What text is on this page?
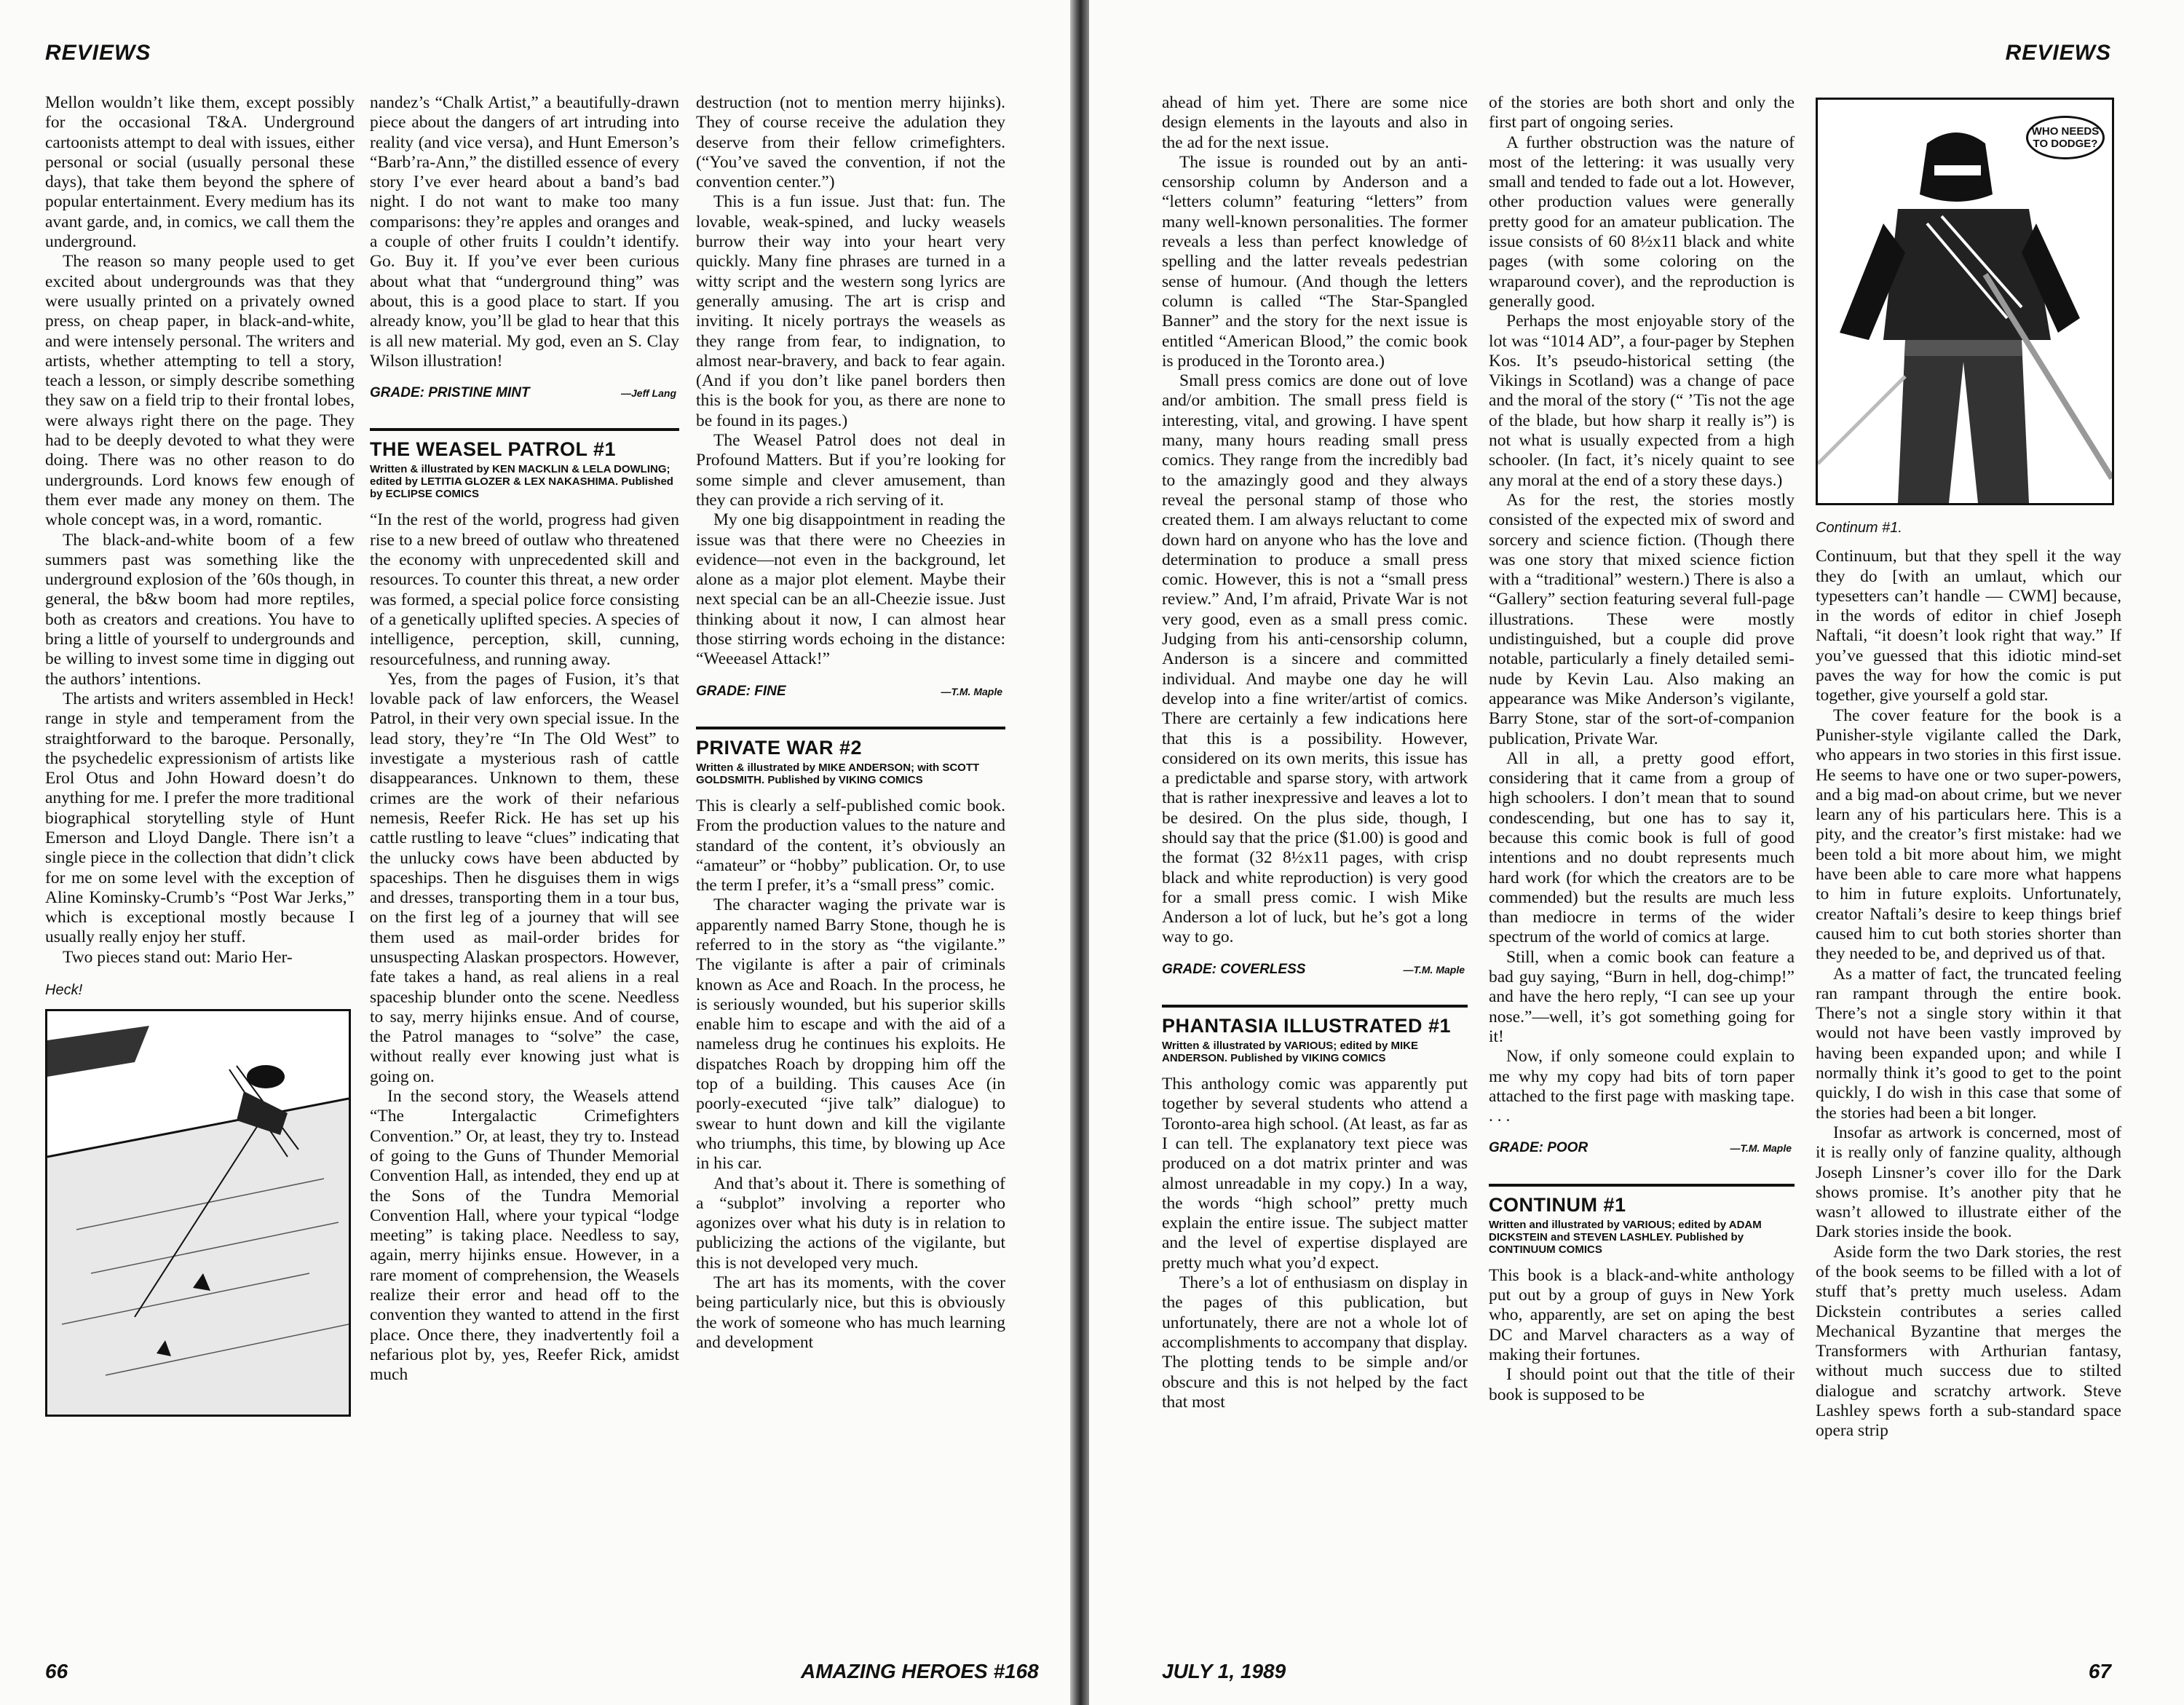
REVIEWS

Mellon wouldn’t like them, except possibly for the occasional T&A. Underground cartoonists attempt to deal with issues, either personal or social (usually personal these days), that take them beyond the sphere of popular entertainment. Every medium has its avant garde, and, in comics, we call them the underground.

The reason so many people used to get excited about undergrounds was that they were usually printed on a privately owned press, on cheap paper, in black-and-white, and were intensely personal. The writers and artists, whether attempting to tell a story, teach a lesson, or simply describe something they saw on a field trip to their frontal lobes, were always right there on the page. They had to be deeply devoted to what they were doing. There was no other reason to do undergrounds. Lord knows few enough of them ever made any money on them. The whole concept was, in a word, romantic.

The black-and-white boom of a few summers past was something like the underground explosion of the ’60s though, in general, the b&w boom had more reptiles, both as creators and creations. You have to bring a little of yourself to undergrounds and be willing to invest some time in digging out the authors’ intentions.

The artists and writers assembled in Heck! range in style and temperament from the straightforward to the baroque. Personally, the psychedelic expressionism of artists like Erol Otus and John Howard doesn’t do anything for me. I prefer the more traditional biographical storytelling style of Hunt Emerson and Lloyd Dangle. There isn’t a single piece in the collection that didn’t click for me on some level with the exception of Aline Kominsky-Crumb’s “Post War Jerks,” which is exceptional mostly because I usually really enjoy her stuff.

Two pieces stand out: Mario Her-

Heck!

nandez’s “Chalk Artist,” a beautifully-drawn piece about the dangers of art intruding into reality (and vice versa), and Hunt Emerson’s “Barb’ra-Ann,” the distilled essence of every story I’ve ever heard about a band’s bad night. I do not want to make too many comparisons: they’re apples and oranges and a couple of other fruits I couldn’t identify. Go. Buy it. If you’ve ever been curious about what that “underground thing” was about, this is a good place to start. If you already know, you’ll be glad to hear that this is all new material. My god, even an S. Clay Wilson illustration!

GRADE: PRISTINE MINT	—Jeff Lang
THE WEASEL PATROL #1
Written & illustrated by KEN MACKLIN & LELA DOWLING; edited by LETITIA GLOZER & LEX NAKASHIMA. Published by ECLIPSE COMICS

“In the rest of the world, progress had given rise to a new breed of outlaw who threatened the economy with unprecedented skill and resources. To counter this threat, a new order was formed, a special police force consisting of a genetically uplifted species. A species of intelligence, perception, skill, cunning, resourcefulness, and running away.

Yes, from the pages of Fusion, it’s that lovable pack of law enforcers, the Weasel Patrol, in their very own special issue. In the lead story, they’re “In The Old West” to investigate a mysterious rash of cattle disappearances. Unknown to them, these crimes are the work of their nefarious nemesis, Reefer Rick. He has set up his cattle rustling to leave “clues” indicating that the unlucky cows have been abducted by spaceships. Then he disguises them in wigs and dresses, transporting them in a tour bus, on the first leg of a journey that will see them used as mail-order brides for unsuspecting Alaskan prospectors. However, fate takes a hand, as real aliens in a real spaceship blunder onto the scene. Needless to say, merry hijinks ensue. And of course, the Patrol manages to “solve” the case, without really ever knowing just what is going on.

In the second story, the Weasels attend “The Intergalactic Crimefighters Convention.” Or, at least, they try to. Instead of going to the Guns of Thunder Memorial Convention Hall, as intended, they end up at the Sons of the Tundra Memorial Convention Hall, where your typical “lodge meeting” is taking place. Needless to say, again, merry hijinks ensue. However, in a rare moment of comprehension, the Weasels realize their error and head off to the convention they wanted to attend in the first place. Once there, they inadvertently foil a nefarious plot by, yes, Reefer Rick, amidst much

destruction (not to mention merry hijinks). They of course receive the adulation they deserve from their fellow crimefighters. (“You’ve saved the convention, if not the convention center.”)

This is a fun issue. Just that: fun. The lovable, weak-spined, and lucky weasels burrow their way into your heart very quickly. Many fine phrases are turned in a witty script and the western song lyrics are generally amusing. The art is crisp and inviting. It nicely portrays the weasels as they range from fear, to indignation, to almost near-bravery, and back to fear again. (And if you don’t like panel borders then this is the book for you, as there are none to be found in its pages.)

The Weasel Patrol does not deal in Profound Matters. But if you’re looking for some simple and clever amusement, than they can provide a rich serving of it.

My one big disappointment in reading the issue was that there were no Cheezies in evidence—not even in the background, let alone as a major plot element. Maybe their next special can be an all-Cheezie issue. Just thinking about it now, I can almost hear those stirring words echoing in the distance: “Weeeasel Attack!”

GRADE: FINE	—T.M. Maple
PRIVATE WAR #2
Written & illustrated by MIKE ANDERSON; with SCOTT GOLDSMITH. Published by VIKING COMICS

This is clearly a self-published comic book. From the production values to the nature and standard of the content, it’s obviously an “amateur” or “hobby” publication. Or, to use the term I prefer, it’s a “small press” comic.

The character waging the private war is apparently named Barry Stone, though he is referred to in the story as “the vigilante.” The vigilante is after a pair of criminals known as Ace and Roach. In the process, he is seriously wounded, but his superior skills enable him to escape and with the aid of a nameless drug he continues his exploits. He dispatches Roach by dropping him off the top of a building. This causes Ace (in poorly-executed “jive talk” dialogue) to swear to hunt down and kill the vigilante who triumphs, this time, by blowing up Ace in his car.

And that’s about it. There is something of a “subplot” involving a reporter who agonizes over what his duty is in relation to publicizing the actions of the vigilante, but this is not developed very much.

The art has its moments, with the cover being particularly nice, but this is obviously the work of someone who has much learning and development

66	AMAZING HEROES #168
REVIEWS

ahead of him yet. There are some nice design elements in the layouts and also in the ad for the next issue.

The issue is rounded out by an anti-censorship column by Anderson and a “letters column” featuring “letters” from many well-known personalities. The former reveals a less than perfect knowledge of spelling and the latter reveals pedestrian sense of humour. (And though the letters column is called “The Star-Spangled Banner” and the story for the next issue is entitled “American Blood,” the comic book is produced in the Toronto area.)

Small press comics are done out of love and/or ambition. The small press field is interesting, vital, and growing. I have spent many, many hours reading small press comics. They range from the incredibly bad to the amazingly good and they always reveal the personal stamp of those who created them. I am always reluctant to come down hard on anyone who has the love and determination to produce a small press comic. However, this is not a “small press review.” And, I’m afraid, Private War is not very good, even as a small press comic. Judging from his anti-censorship column, Anderson is a sincere and committed individual. And maybe one day he will develop into a fine writer/artist of comics. There are certainly a few indications here that this is a possibility. However, considered on its own merits, this issue has a predictable and sparse story, with artwork that is rather inexpressive and leaves a lot to be desired. On the plus side, though, I should say that the price ($1.00) is good and the format (32 8½x11 pages, with crisp black and white reproduction) is very good for a small press comic. I wish Mike Anderson a lot of luck, but he’s got a long way to go.

GRADE: COVERLESS	—T.M. Maple
PHANTASIA ILLUSTRATED #1
Written & illustrated by VARIOUS; edited by MIKE ANDERSON. Published by VIKING COMICS

This anthology comic was apparently put together by several students who attend a Toronto-area high school. (At least, as far as I can tell. The explanatory text piece was produced on a dot matrix printer and was almost unreadable in my copy.) In a way, the words “high school” pretty much explain the entire issue. The subject matter and the level of expertise displayed are pretty much what you’d expect.

There’s a lot of enthusiasm on display in the pages of this publication, but unfortunately, there are not a whole lot of accomplishments to accompany that display. The plotting tends to be simple and/or obscure and this is not helped by the fact that most

of the stories are both short and only the first part of ongoing series.

A further obstruction was the nature of most of the lettering: it was usually very small and tended to fade out a lot. However, other production values were generally pretty good for an amateur publication. The issue consists of 60 8½x11 black and white pages (with some coloring on the wraparound cover), and the reproduction is generally good.

Perhaps the most enjoyable story of the lot was “1014 AD”, a four-pager by Stephen Kos. It’s pseudo-historical setting (the Vikings in Scotland) was a change of pace and the moral of the story (“ ’Tis not the age of the blade, but how sharp it really is”) is not what is usually expected from a high schooler. (In fact, it’s nicely quaint to see any moral at the end of a story these days.)

As for the rest, the stories mostly consisted of the expected mix of sword and sorcery and science fiction. (Though there was one story that mixed science fiction with a “traditional” western.) There is also a “Gallery” section featuring several full-page illustrations. These were mostly undistinguished, but a couple did prove notable, particularly a finely detailed semi-nude by Kevin Lau. Also making an appearance was Mike Anderson’s vigilante, Barry Stone, star of the sort-of-companion publication, Private War.

All in all, a pretty good effort, considering that it came from a group of high schoolers. I don’t mean that to sound condescending, but one has to say it, because this comic book is full of good intentions and no doubt represents much hard work (for which the creators are to be commended) but the results are much less than mediocre in terms of the wider spectrum of the world of comics at large.

Still, when a comic book can feature a bad guy saying, “Burn in hell, dog-chimp!” and have the hero reply, “I can see up your nose.”—well, it’s got something going for it!

Now, if only someone could explain to me why my copy had bits of torn paper attached to the first page with masking tape. . . .

GRADE: POOR	—T.M. Maple
CONTINUM #1
Written and illustrated by VARIOUS; edited by ADAM DICKSTEIN and STEVEN LASHLEY. Published by CONTINUUM COMICS

This book is a black-and-white anthology put out by a group of guys in New York who, apparently, are set on aping the best DC and Marvel characters as a way of making their fortunes.

I should point out that the title of their book is supposed to be

WHO NEEDS TO DODGE?
Continum #1.

Continuum, but that they spell it the way they do [with an umlaut, which our typesetters can’t handle — CWM] because, in the words of editor in chief Joseph Naftali, “it doesn’t look right that way.” If you’ve guessed that this idiotic mind-set paves the way for how the comic is put together, give yourself a gold star.

The cover feature for the book is a Punisher-style vigilante called the Dark, who appears in two stories in this first issue. He seems to have one or two super-powers, and a big mad-on about crime, but we never learn any of his particulars here. This is a pity, and the creator’s first mistake: had we been told a bit more about him, we might have been able to care more what happens to him in future exploits. Unfortunately, creator Naftali’s desire to keep things brief caused him to cut both stories shorter than they needed to be, and deprived us of that.

As a matter of fact, the truncated feeling ran rampant through the entire book. There’s not a single story within it that would not have been vastly improved by having been expanded upon; and while I normally think it’s good to get to the point quickly, I do wish in this case that some of the stories had been a bit longer.

Insofar as artwork is concerned, most of it is really only of fanzine quality, although Joseph Linsner’s cover illo for the Dark shows promise. It’s another pity that he wasn’t allowed to illustrate either of the Dark stories inside the book.

Aside form the two Dark stories, the rest of the book seems to be filled with a lot of stuff that’s pretty much useless. Adam Dickstein contributes a series called Mechanical Byzantine that merges the Transformers with Arthurian fantasy, without much success due to stilted dialogue and scratchy artwork. Steve Lashley spews forth a sub-standard space opera strip

JULY 1, 1989	67
